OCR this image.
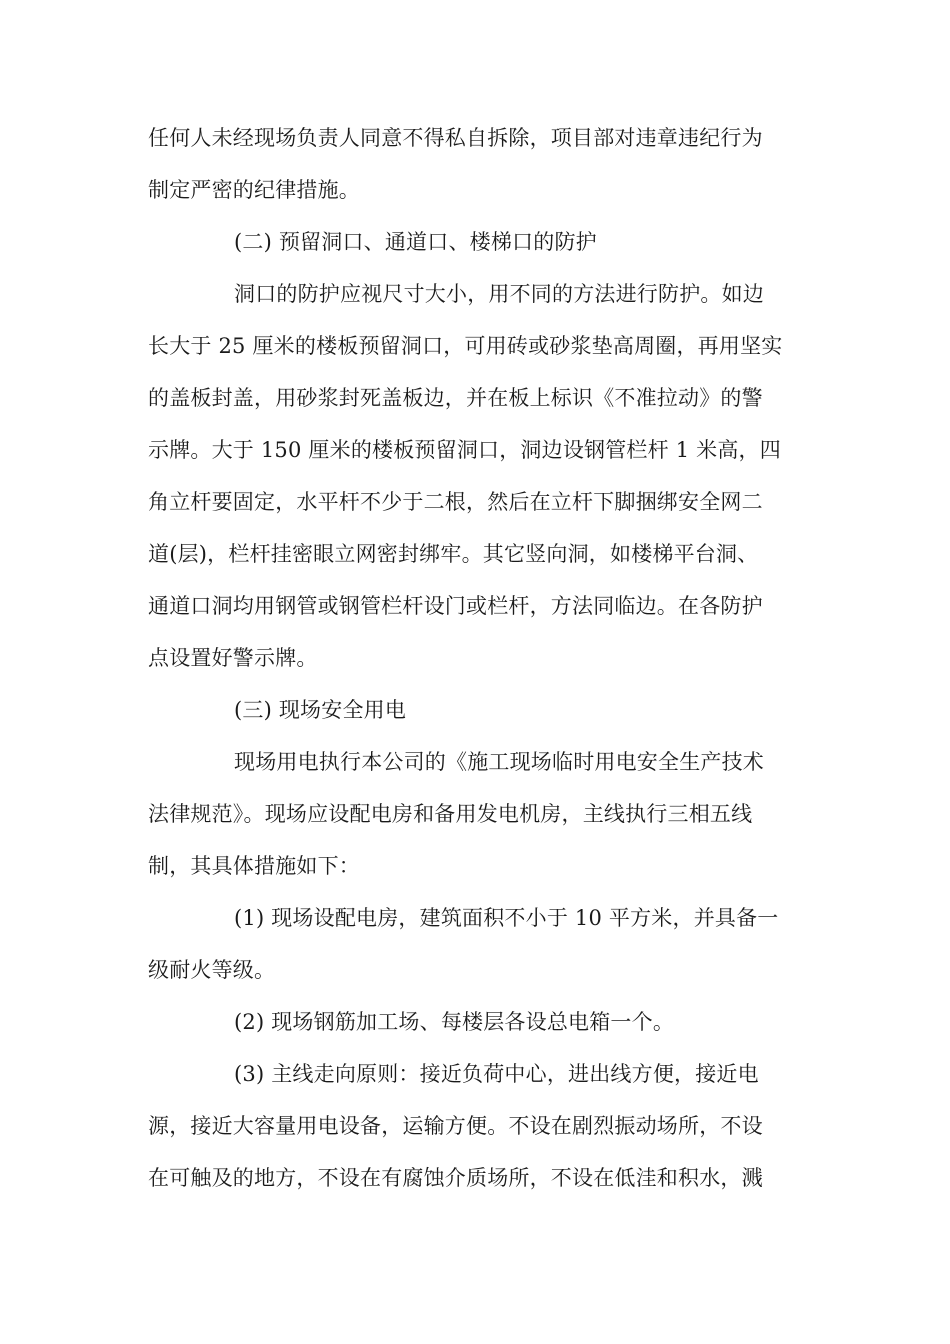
任何人未经现场负责人同意不得私自拆除，项目部对违章违纪行为
制定严密的纪律措施。
(二) 预留洞口、通道口、楼梯口的防护
洞口的防护应视尺寸大小，用不同的方法进行防护。如边
长大于 25 厘米的楼板预留洞口，可用砖或砂浆垫高周圈，再用坚实
的盖板封盖，用砂浆封死盖板边，并在板上标识《不准拉动》的警
示牌。大于 150 厘米的楼板预留洞口，洞边设钢管栏杆 1 米高，四
角立杆要固定，水平杆不少于二根，然后在立杆下脚捆绑安全网二
道(层)，栏杆挂密眼立网密封绑牢。其它竖向洞，如楼梯平台洞、
通道口洞均用钢管或钢管栏杆设门或栏杆，方法同临边。在各防护
点设置好警示牌。
(三) 现场安全用电
现场用电执行本公司的《施工现场临时用电安全生产技术
法律规范》。现场应设配电房和备用发电机房，主线执行三相五线
制，其具体措施如下：
(1) 现场设配电房，建筑面积不小于 10 平方米，并具备一
级耐火等级。
(2) 现场钢筋加工场、每楼层各设总电箱一个。
(3) 主线走向原则：接近负荷中心，进出线方便，接近电
源，接近大容量用电设备，运输方便。不设在剧烈振动场所，不设
在可触及的地方，不设在有腐蚀介质场所，不设在低洼和积水，溅
